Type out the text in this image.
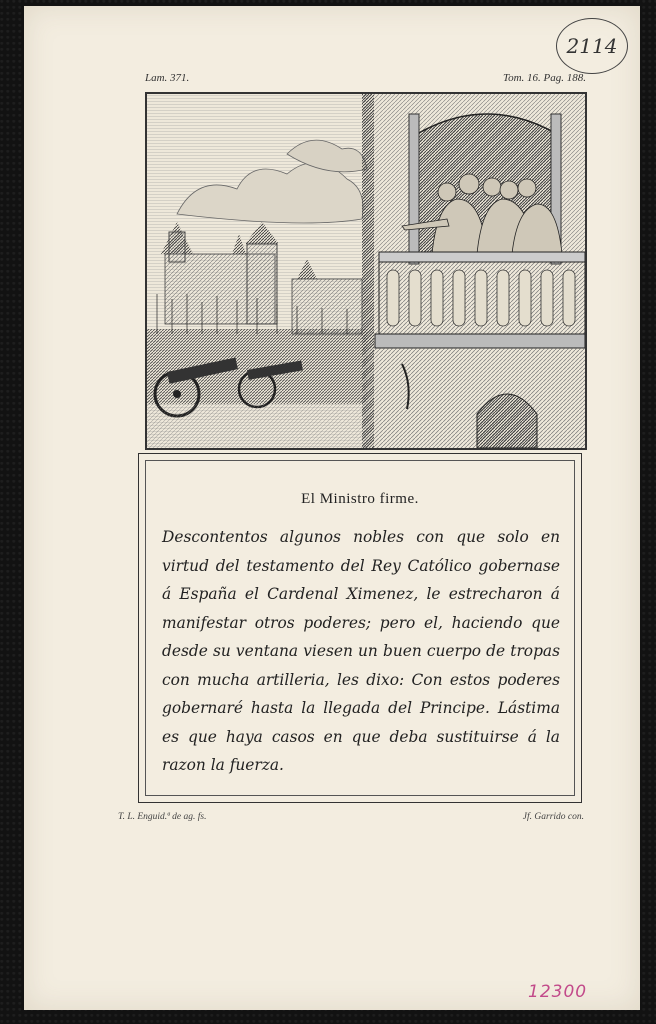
2114
Lam. 371.	Tom. 16. Pag. 188.
El Ministro firme.
Descontentos algunos nobles con que solo en virtud del testamento del Rey Católico gobernase á España el Cardenal Ximenez, le estrecharon á manifestar otros poderes; pero el, haciendo que desde su ventana viesen un buen cuerpo de tropas con mucha artilleria, les dixo: Con estos poderes gobernaré hasta la llegada del Principe. Lástima es que haya casos en que deba sustituirse á la razon la fuerza.
T. L. Enguid.ª de ag. fs.	Jf. Garrido con.
12300
